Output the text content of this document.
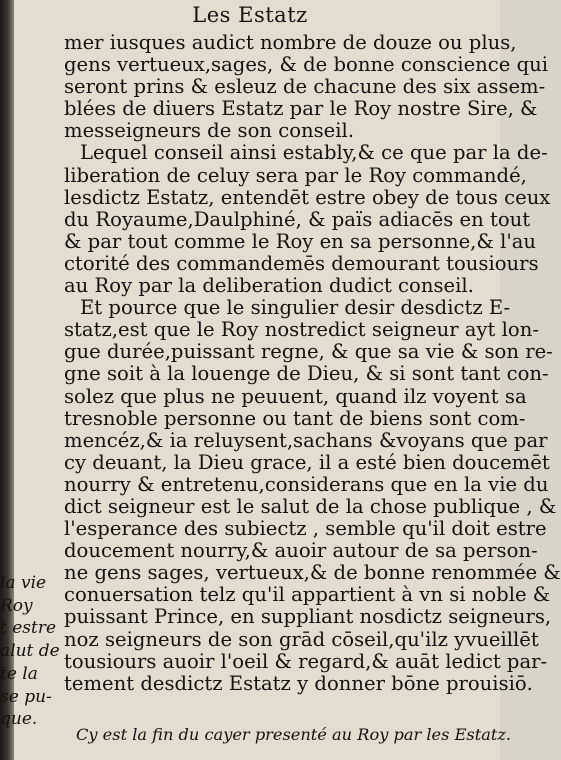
Les Estatz
mer iusques audict nombre de douze ou plus,
gens vertueux,sages, & de bonne conscience qui
seront prins & esleuz de chacune des six assem-
blées de diuers Estatz par le Roy nostre Sire, &
messeigneurs de son conseil.
Lequel conseil ainsi estably,& ce que par la de-
liberation de celuy sera par le Roy commandé,
lesdictz Estatz, entendēt estre obey de tous ceux
du Royaume,Daulphiné, & païs adiacēs en tout
& par tout comme le Roy en sa personne,& l'au
ctorité des commandemēs demourant tousiours
au Roy par la deliberation dudict conseil.
Et pource que le singulier desir desdictz E-
statz,est que le Roy nostredict seigneur ayt lon-
gue durée,puissant regne, & que sa vie & son re-
gne soit à la louenge de Dieu, & si sont tant con-
solez que plus ne peuuent, quand ilz voyent sa
tresnoble personne ou tant de biens sont com-
mencéz,& ia reluysent,sachans &voyans que par
cy deuant, la Dieu grace, il a esté bien doucemēt
nourry & entretenu,considerans que en la vie du
dict seigneur est le salut de la chose publique , &
l'esperance des subiectz , semble qu'il doit estre
doucement nourry,& auoir autour de sa person-
ne gens sages, vertueux,& de bonne renommée &
conuersation telz qu'il appartient à vn si noble &
puissant Prince, en suppliant nosdictz seigneurs,
noz seigneurs de son grād cōseil,qu'ilz yvueillēt
tousiours auoir l'oeil & regard,& auāt ledict par-
tement desdictz Estatz y donner bōne prouisiō.
la vie
Roy
t estre
alut de
te la
se pu-
que.
Cy est la fin du cayer presenté au Roy par les Estatz.
